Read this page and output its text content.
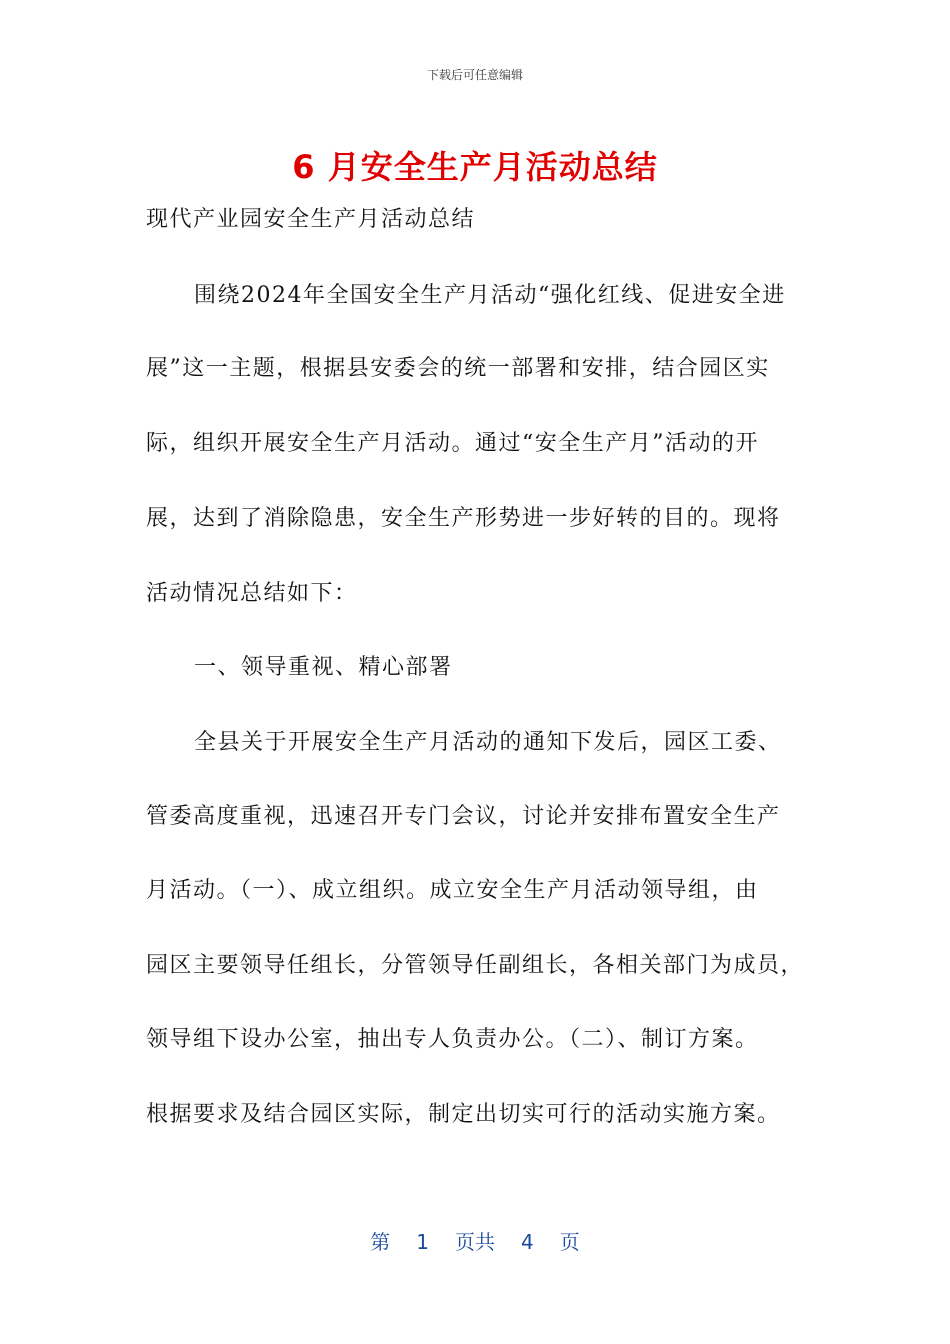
下载后可任意编辑
6 月安全生产月活动总结
现代产业园安全生产月活动总结
围绕2024年全国安全生产月活动“强化红线、促进安全进
展”这一主题，根据县安委会的统一部署和安排，结合园区实
际，组织开展安全生产月活动。通过“安全生产月”活动的开
展，达到了消除隐患，安全生产形势进一步好转的目的。现将
活动情况总结如下：
一、领导重视、精心部署
全县关于开展安全生产月活动的通知下发后，园区工委、
管委高度重视，迅速召开专门会议，讨论并安排布置安全生产
月活动。（一）、成立组织。成立安全生产月活动领导组，由
园区主要领导任组长，分管领导任副组长，各相关部门为成员，
领导组下设办公室，抽出专人负责办公。（二）、制订方案。
根据要求及结合园区实际，制定出切实可行的活动实施方案。
第 1 页共 4 页
